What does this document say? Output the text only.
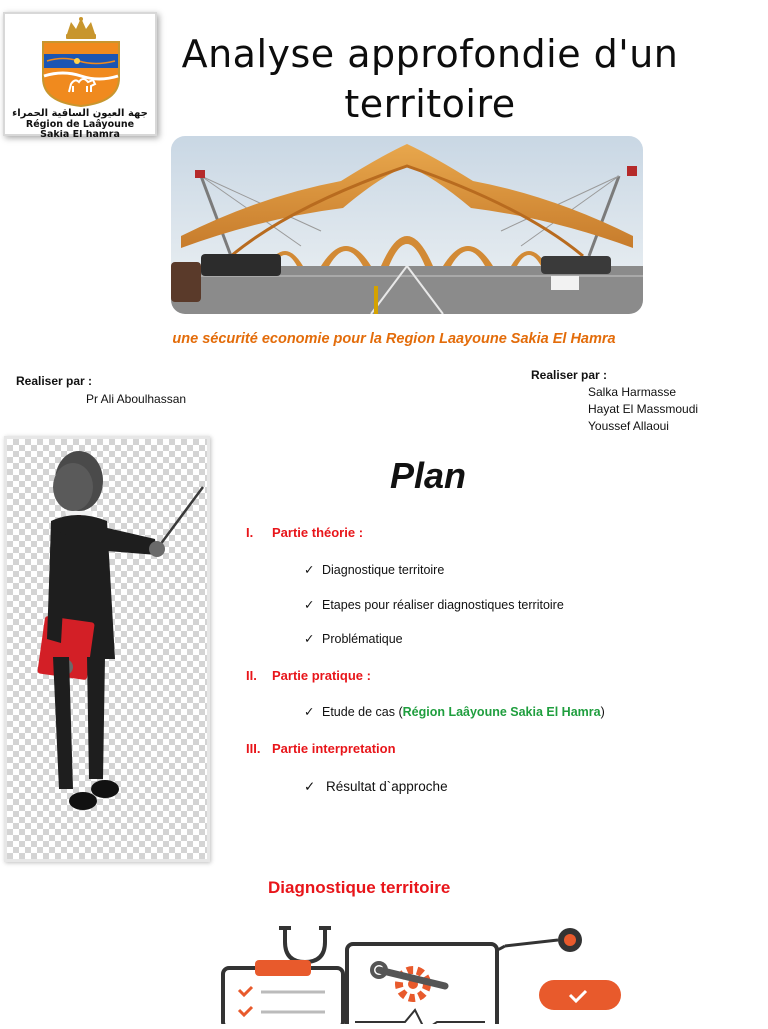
جهة العيون الساقية الحمراء
Région de Laâyoune
Sakia El hamra
Analyse approfondie d'un
territoire
une sécurité economie pour la Region Laayoune Sakia El Hamra
Realiser par :
Pr Ali Aboulhassan
Realiser par :
Salka Harmasse
Hayat El Massmoudi
Youssef Allaoui
Plan
I. Partie théorie :
✓ Diagnostique territoire
✓ Etapes pour réaliser diagnostiques territoire
✓ Problématique
II. Partie pratique :
✓ Etude de cas (Région Laâyoune Sakia El Hamra)
III. Partie interpretation
✓ Résultat d`approche
Diagnostique territoire
